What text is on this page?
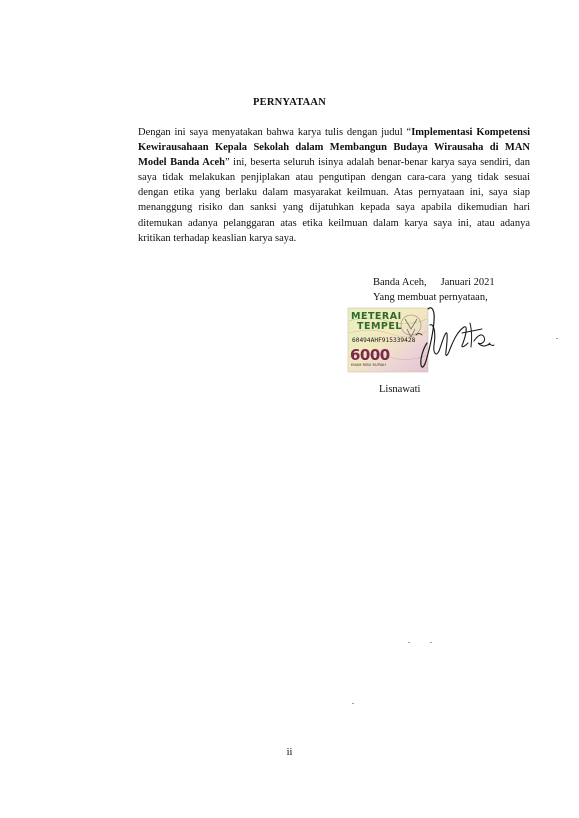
PERNYATAAN

Dengan ini saya menyatakan bahwa karya tulis dengan judul “Implementasi Kompetensi Kewirausahaan Kepala Sekolah dalam Membangun Budaya Wirausaha di MAN Model Banda Aceh” ini, beserta seluruh isinya adalah benar-benar karya saya sendiri, dan saya tidak melakukan penjiplakan atau pengutipan dengan cara-cara yang tidak sesuai dengan etika yang berlaku dalam masyarakat keilmuan. Atas pernyataan ini, saya siap menanggung risiko dan sanksi yang dijatuhkan kepada saya apabila dikemudian hari ditemukan adanya pelanggaran atas etika keilmuan dalam karya saya ini, atau adanya kritikan terhadap keaslian karya saya.

Banda Aceh, Januari 2021
Yang membuat pernyataan,
METERAI
TEMPEL
60494AHF915339428
6000
ENAM RIBU RUPIAH
Lisnawati
ii
